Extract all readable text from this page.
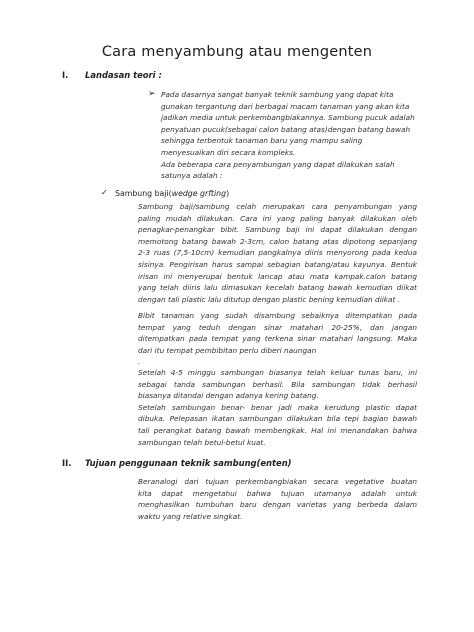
Cara menyambung atau mengenten
I. Landasan teori :
➢ Pada dasarnya sangat banyak teknik sambung yang dapat kita
gunakan tergantung dari berbagai macam tanaman yang akan kita
jadikan media untuk perkembangbiakannya. Sambung pucuk adalah
penyatuan pucuk(sebagai calon batang atas)dengan batang bawah
sehingga terbentuk tanaman baru yang mampu saling
menyesuaikan diri secara kompleks.
Ada beberapa cara penyambungan yang dapat dilakukan salah
satunya adalah :
✓ Sambung baji(wedge grfting)
Sambung baji/sambung celah merupakan cara penyambungan yang
paling mudah dilakukan. Cara ini yang paling banyak dilakukan oleh
penagkar-penangkar bibit. Sambung baji ini dapat dilakukan dengan
memotong batang bawah 2-3cm, calon batang atas dipotong sepanjang
2-3 ruas (7,5-10cm) kemudian pangkalnya diiris menyorong pada kedua
sisinya. Pengirisan harus sampai sebagian batang/atau kayunya. Bentuk
irisan ini menyerupai bentuk lancap atau mata kampak.calon batang
yang telah diiris lalu dimasukan kecelah batang bawah kemudian diikat
dengan tali plastic lalu ditutup dengan plastic bening kemudian diikat .
Bibit tanaman yang sudah disambung sebaiknya ditempatkan pada
tempat yang teduh dengan sinar matahari 20-25%, dan jangan
ditempatkan pada tempat yang terkena sinar matahari langsung. Maka
dari itu tempat pembibitan perlu diberi naungan
.
Setelah 4-5 minggu sambungan biasanya telah keluar tunas baru, ini
sebagai tanda sambungan berhasil. Bila sambungan tidak berhasil
biasanya ditandai dengan adanya kering batang.
Setelah sambungan benar- benar jadi maka kerudung plastic dapat
dibuka. Pelepasan ikatan sambungan dilakukan bila tepi bagian bawah
tali perangkat batang bawah membengkak. Hal ini menandakan bahwa
sambungan telah betul-betul kuat.
II. Tujuan penggunaan teknik sambung(enten)
Beranalogi dari tujuan perkembangbiakan secara vegetative buatan
kita dapat mengetahui bahwa tujuan utamanya adalah untuk
menghasilkan tumbuhan baru dengan varietas yang berbeda dalam
waktu yang relative singkat.
